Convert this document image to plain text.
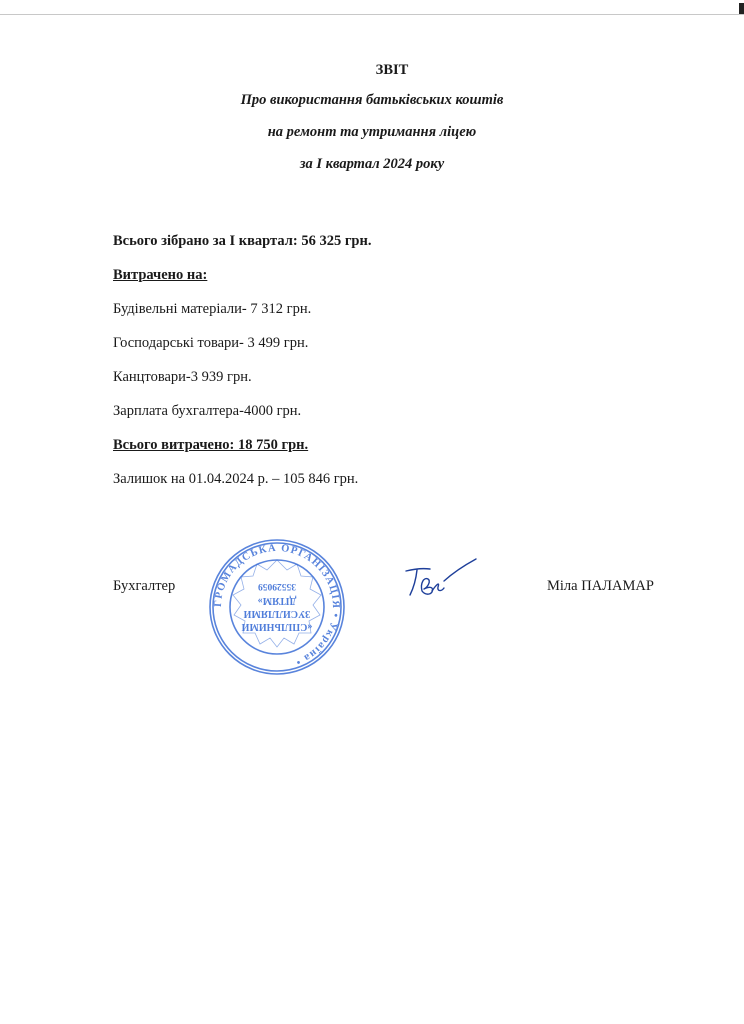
ЗВІТ
Про використання батьківських коштів
на ремонт та утримання ліцею
за І квартал 2024 року
Всього зібрано за І квартал: 56 325 грн.
Витрачено на:
Будівельні матеріали- 7 312 грн.
Господарські товари- 3 499 грн.
Канцтовари-3 939 грн.
Зарплата бухгалтера-4000 грн.
Всього витрачено: 18 750 грн.
Залишок на 01.04.2024 р. – 105 846 грн.
Бухгалтер	Міла ПАЛАМАР
ГРОМАДСЬКА ОРГАНІЗАЦІЯ • Україна •
«СПІЛЬНИМИ
ЗУСИЛЛЯМИ
ДІТЯМ»
35529059
